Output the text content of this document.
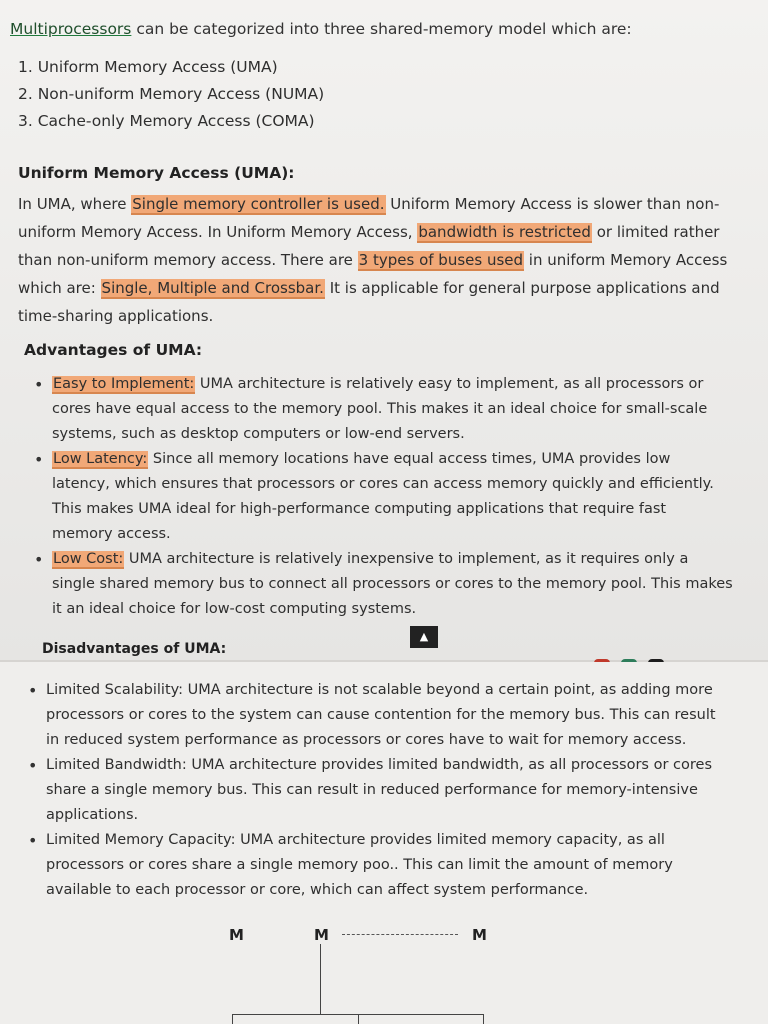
Multiprocessors can be categorized into three shared-memory model which are:
1. Uniform Memory Access (UMA)
2. Non-uniform Memory Access (NUMA)
3. Cache-only Memory Access (COMA)
Uniform Memory Access (UMA):
In UMA, where Single memory controller is used. Uniform Memory Access is slower than non-
uniform Memory Access. In Uniform Memory Access, bandwidth is restricted or limited rather
than non-uniform memory access. There are 3 types of buses used in uniform Memory Access
which are: Single, Multiple and Crossbar. It is applicable for general purpose applications and
time-sharing applications.
Advantages of UMA:
• Easy to Implement: UMA architecture is relatively easy to implement, as all processors or
cores have equal access to the memory pool. This makes it an ideal choice for small-scale
systems, such as desktop computers or low-end servers.
• Low Latency: Since all memory locations have equal access times, UMA provides low
latency, which ensures that processors or cores can access memory quickly and efficiently.
This makes UMA ideal for high-performance computing applications that require fast
memory access.
• Low Cost: UMA architecture is relatively inexpensive to implement, as it requires only a
single shared memory bus to connect all processors or cores to the memory pool. This makes
it an ideal choice for low-cost computing systems.
Disadvantages of UMA:
▲

• Limited Scalability: UMA architecture is not scalable beyond a certain point, as adding more
processors or cores to the system can cause contention for the memory bus. This can result
in reduced system performance as processors or cores have to wait for memory access.
• Limited Bandwidth: UMA architecture provides limited bandwidth, as all processors or cores
share a single memory bus. This can result in reduced performance for memory-intensive
applications.
• Limited Memory Capacity: UMA architecture provides limited memory capacity, as all
processors or cores share a single memory poo.. This can limit the amount of memory
available to each processor or core, which can affect system performance.
M	M	M
